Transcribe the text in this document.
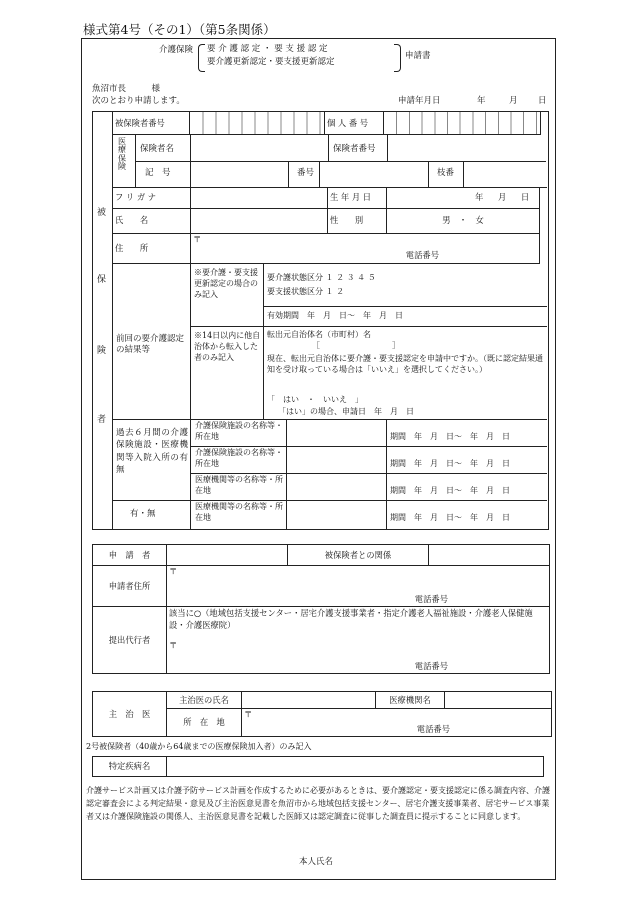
様式第4号（その1）（第5条関係）
介護保険 要 介 護 認 定 ・ 要 支 援 認 定
要介護更新認定・要支援更新認定
申請書
魚沼市長　　　様
次のとおり申請します。	申請年月日	年	月 日
被
保
険
者
被保険者番号		個 人 番 号	
医療保険
保険者名	保険者番号
記　号	番号	枝番
フ リ ガ ナ		生 年 月 日	年 月 日
氏　　名		性　　別	男　・　女
住　　所	〒
電話番号		
前回の要介護認定の結果等
※要介護・要支援更新認定の場合のみ記入
要介護状態区分 １ ２ ３ ４ ５
要支援状態区分 １ ２
有効期間　年　月　日～　年　月　日
※14日以内に他自治体から転入した者のみ記入
転出元自治体名（市町村）名
［　　　　　　　　　］
現在、転出元自治体に要介護・要支援認定を申請中ですか。（既に認定結果通知を受け取っている場合は「いいえ」を選択してください。）
「　はい　・　いいえ　」
「はい」の場合、申請日　年　月　日
過去６月間の介護保険施設・医療機関等入院入所の有無
有・無
介護保険施設の名称等・所在地	期間　年　月　日～　年　月　日
介護保険施設の名称等・所在地	期間　年　月　日～　年　月　日
医療機関等の名称等・所在地	期間　年　月　日～　年　月　日
医療機関等の名称等・所在地	期間　年　月　日～　年　月　日
申　請　者		被保険者との関係	
申請者住所	〒
電話番号		

提出代行者	該当に○（地域包括支援センター・居宅介護支援事業者・指定介護老人福祉施設・介護老人保健施設・介護医療院）
〒
電話番号		
主　治　医	主治医の氏名		医療機関名	
	所　在　地	〒
電話番号		
2号被保険者（40歳から64歳までの医療保険加入者）のみ記入
特定疾病名	
介護サービス計画又は介護予防サービス計画を作成するために必要があるときは、要介護認定・要支援認定に係る調査内容、介護認定審査会による判定結果・意見及び主治医意見書を魚沼市から地域包括支援センター、居宅介護支援事業者、居宅サービス事業者又は介護保険施設の関係人、主治医意見書を記載した医師又は認定調査に従事した調査員に提示することに同意します。
本人氏名
